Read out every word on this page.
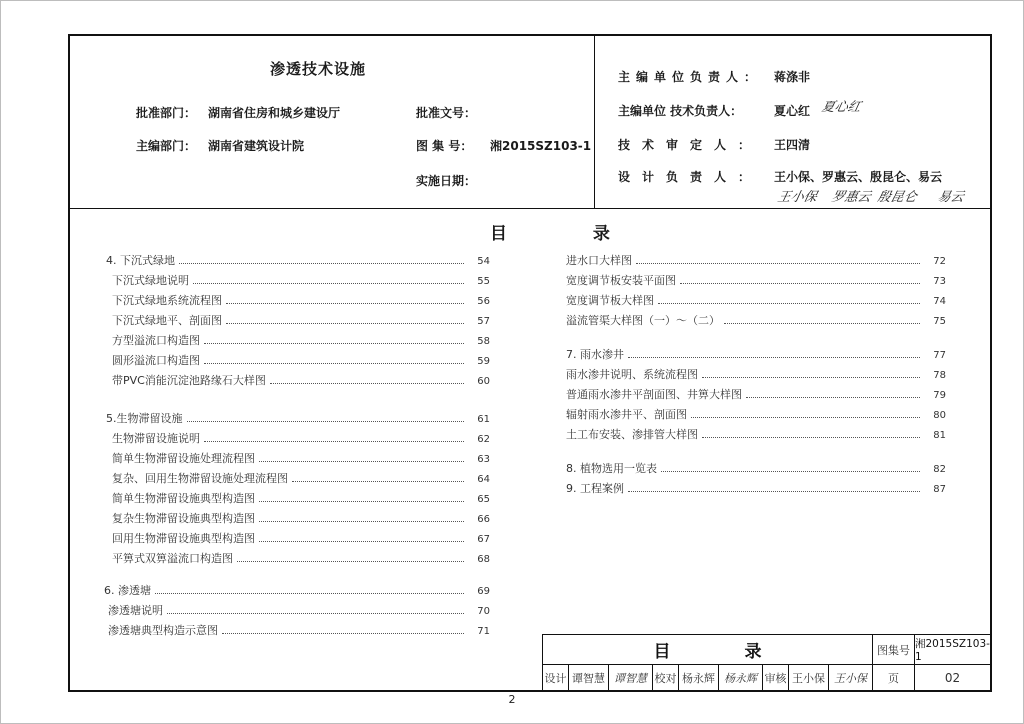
渗透技术设施
批准部门： 湖南省住房和城乡建设厅	批准文号：
主编部门： 湖南省建筑设计院	图 集 号： 湘2015SZ103-1
实施日期：
主编单位负责人： 蒋涤非
主编单位 技术负责人：	夏心红 夏心红
技术审定人： 王四清
设计负责人： 王小保、罗惠云、殷昆仑、易云
王小保 罗惠云 殷昆仑 易云
目 录
4. 下沉式绿地	54
下沉式绿地说明	55
下沉式绿地系统流程图	56
下沉式绿地平、剖面图	57
方型溢流口构造图	58
圆形溢流口构造图	59
带PVC消能沉淀池路缘石大样图	60
5.生物滞留设施	61
生物滞留设施说明	62
简单生物滞留设施处理流程图	63
复杂、回用生物滞留设施处理流程图	64
简单生物滞留设施典型构造图	65
复杂生物滞留设施典型构造图	66
回用生物滞留设施典型构造图	67
平箅式双箅溢流口构造图	68
6. 渗透塘	69
渗透塘说明	70
渗透塘典型构造示意图	71
进水口大样图	72
宽度调节板安装平面图	73
宽度调节板大样图	74
溢流管渠大样图（一）～（二）	75
7. 雨水渗井	77
雨水渗井说明、系统流程图	78
普通雨水渗井平剖面图、井箅大样图	79
辐射雨水渗井平、剖面图	80
土工布安装、渗排管大样图	81
8. 植物选用一览表	82
9. 工程案例	87
目 录	图集号 湘2015SZ103-1
设计 谭智慧 谭智慧 校对 杨永辉 杨永辉 审核 王小保 王小保	页	02
2
